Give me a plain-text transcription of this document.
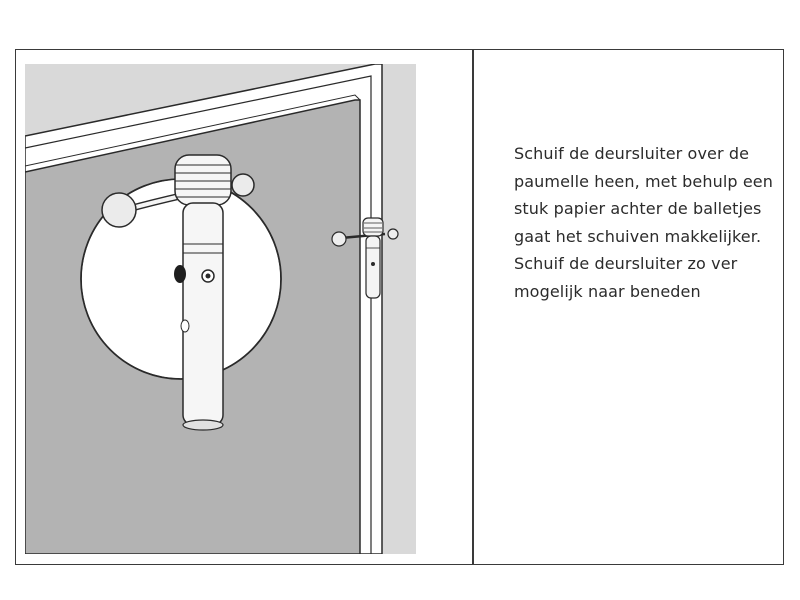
Schuif de deursluiter over de paumelle heen, met behulp een stuk papier achter de balletjes gaat het schuiven makkelijker. Schuif de deursluiter zo ver mogelijk naar beneden
